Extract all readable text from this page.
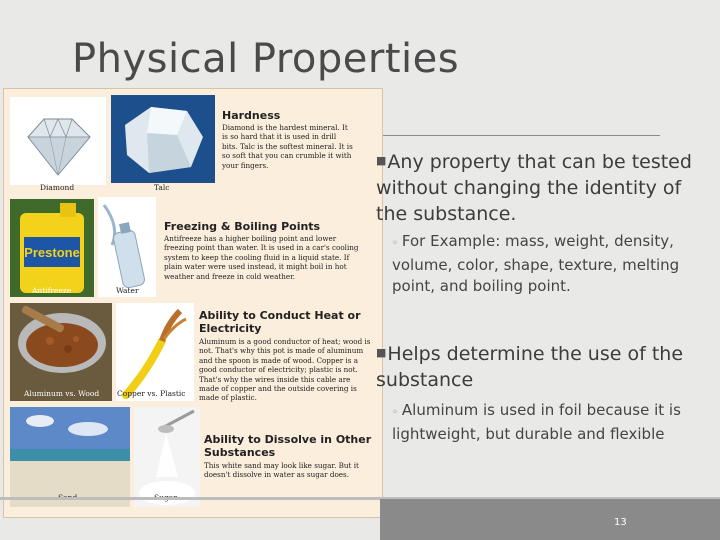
Physical Properties
Diamond	Talc
Hardness
Diamond is the hardest mineral. It is so hard that it is used in drill bits. Talc is the softest mineral. It is so soft that you can crumble it with your fingers.
Prestone
Antifreeze	Water
Freezing & Boiling Points
Antifreeze has a higher boiling point and lower freezing point than water. It is used in a car's cooling system to keep the cooling fluid in a liquid state. If plain water were used instead, it might boil in hot weather and freeze in cold weather.
Aluminum vs. Wood Copper vs. Plastic
Ability to Conduct Heat or Electricity
Aluminum is a good conductor of heat; wood is not. That's why this pot is made of aluminum and the spoon is made of wood. Copper is a good conductor of electricity; plastic is not. That's why the wires inside this cable are made of copper and the outside covering is made of plastic.
Ability to Dissolve in Other Substances
This white sand may look like sugar. But it doesn't dissolve in water as sugar does.
■Any property that can be tested without changing the identity of the substance.
◦ For Example: mass, weight, density, volume, color, shape, texture, melting point, and boiling point.
■Helps determine the use of the substance
◦ Aluminum is used in foil because it is lightweight, but durable and flexible
13
